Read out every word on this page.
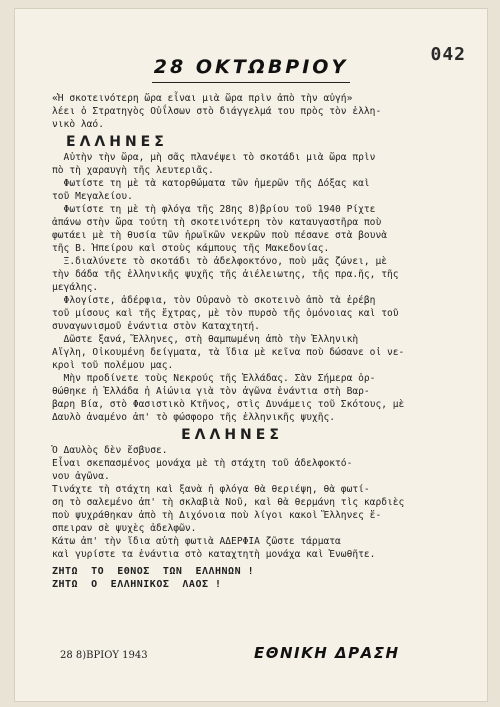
042
28 ΟΚΤΩΒΡΙΟΥ
«Ἡ σκοτεινότερη ὥρα εἶναι μιὰ ὥρα πρὶν ἀπὸ τὴν αὐγή»
λέει ὁ Στρατηγὸς Οὐΐλσων στὸ διάγγελμά του πρὸς τὸν ἑλλη-
νικὸ λαό.
ΕΛΛΗΝΕΣ
Αὐτὴν τὴν ὥρα, μὴ σᾶς πλανέψει τὸ σκοτάδι μιὰ ὥρα πρὶν
πὸ τὴ χαραυγὴ τῆς λευτεριᾶς.
Φωτίστε τη μὲ τὰ κατορθώματα τῶν ἡμερῶν τῆς Δόξας καὶ
τοῦ Μεγαλείου.
Φωτίστε τη μὲ τὴ φλόγα τῆς 28ης 8)βρίου τοῦ 1940 Ρίχτε
ἀπάνω στὴν ὥρα τούτη τὴ σκοτεινότερη τὸν καταυγαστῆρα ποὺ
φωτάει μὲ τὴ θυσία τῶν ἡρωϊκῶν νεκρῶν ποὺ πέσανε στὰ βουνὰ
τῆς Β. Ἠπείρου καὶ στοὺς κάμπους τῆς Μακεδονίας.
Ξ.διαλύνετε τὸ σκοτάδι τὸ ἀδελφοκτόνο, ποὺ μᾶς ζώνει, μὲ
τὴν δάδα τῆς ἑλληνικῆς ψυχῆς τῆς ἀιέλειωτης, τῆς πρα.ῆς, τῆς
μεγάλης.
Φλογίστε, ἀδέρφια, τὸν Οὐρανὸ τὸ σκοτεινὸ ἀπὸ τὰ ἐρέβη
τοῦ μίσους καὶ τῆς ἔχτρας, μὲ τὸν πυρσὸ τῆς ὁμόνοιας καὶ τοῦ
συναγωνισμοῦ ἐνάντια στὸν Καταχτητή.
Δῶστε ξανά, Ἕλληνες, στὴ θαμπωμένη ἀπὸ τὴν Ἑλληνικὴ
Αἴγλη, Οἰκουμένη δείγματα, τὰ ἴδια μὲ κεῖνα ποὺ δώσανε οἱ νε-
κροὶ τοῦ πολέμου μας.
Μὴν προδίνετε τοὺς Νεκρούς τῆς Ἑλλάδας. Σὰν Σήμερα ὀρ-
θώθηκε ἡ Ἑλλάδα ἡ Αἰώνια γιὰ τὸν ἀγῶνα ἐνάντια στὴ Βαρ-
βαρη Βία, στὸ Φασιστικὸ Κτῆνος, στὶς Δυνάμεις τοῦ Σκότους, μὲ
Δαυλὸ ἀναμένο ἀπ' τὸ φώσφορο τῆς ἑλληνικῆς ψυχῆς.
ΕΛΛΗΝΕΣ
Ὁ Δαυλὸς δὲν ἔσβυσε.
Εἶναι σκεπασμένος μονάχα μὲ τὴ στάχτη τοῦ ἀδελφοκτό-
νου ἀγῶνα.
Τινάχτε τὴ στάχτη καὶ ξανὰ ἡ φλόγα θὰ θεριέψη, θὰ φωτί-
ση τὸ σαλεμένο ἀπ' τὴ σκλαβιὰ Νοῦ, καὶ θὰ θερμάνη τὶς καρδιὲς
ποὺ ψυχράθηκαν ἀπὸ τὴ Διχόνοια ποὺ λίγοι κακοὶ Ἕλληνες ἔ-
σπειραν σὲ ψυχὲς ἀδελφῶν.
Κάτω ἀπ' τὴν ἴδια αὐτὴ φωτιὰ ΑΔΕΡΦΙΑ ζῶστε τάρματα
καὶ γυρίστε τα ἐνάντια στὸ καταχτητὴ μονάχα καὶ Ἑνωθῆτε.
ΖΗΤΩ  ΤΟ  ΕΘΝΟΣ  ΤΩΝ  ΕΛΛΗΝΩΝ !
ΖΗΤΩ  Ο  ΕΛΛΗΝΙΚΟΣ  ΛΑΟΣ !
28 8)ΒΡΙΟΥ 1943	ΕΘΝΙΚΗ ΔΡΑΣΗ
